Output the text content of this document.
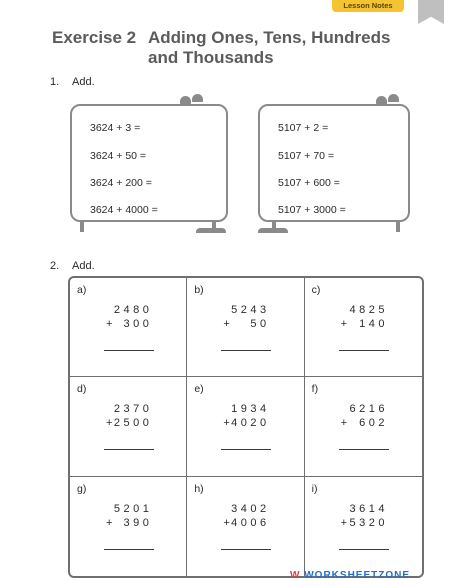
Lesson Notes
Exercise 2 Adding Ones, Tens, Hundreds
and Thousands
1. Add.
3624 + 3 =
3624 + 50 =
3624 + 200 =
3624 + 4000 =
5107 + 2 =
5107 + 70 =
5107 + 600 =
5107 + 3000 =
2. Add.
a)
2480
+ 300
b)
5243
+ 50
c)
4825
+ 140
d)
2370
+ 2500
e)
1934
+ 4020
f)
6216
+ 602
g)
5201
+ 390
h)
3402
+ 4006
i)
3614
+ 5320
W WORKSHEETZONE
